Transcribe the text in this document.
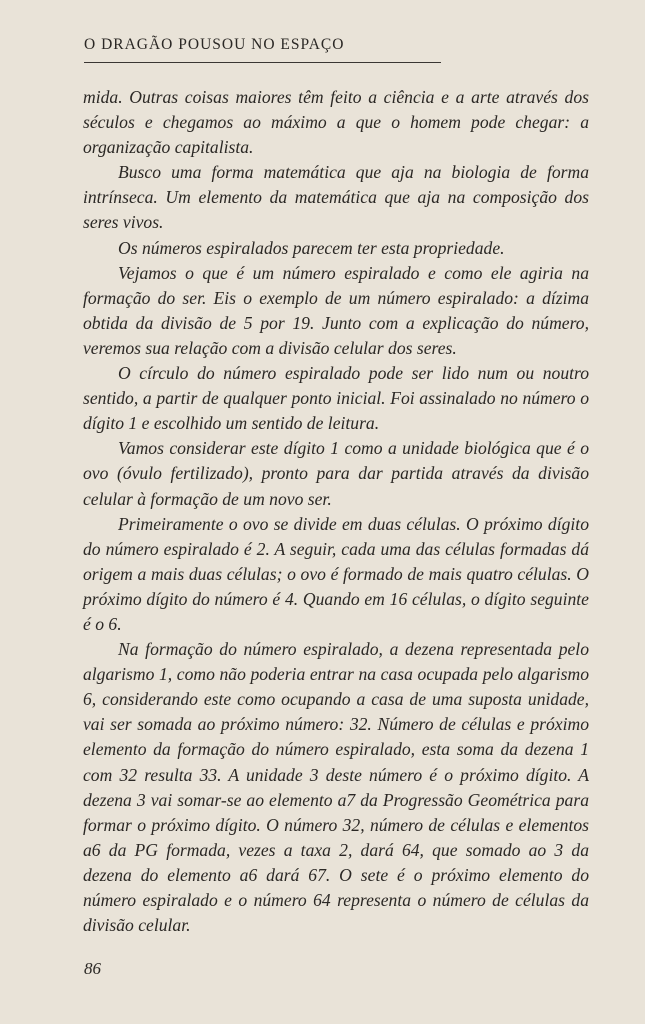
O DRAGÃO POUSOU NO ESPAÇO

mida. Outras coisas maiores têm feito a ciência e a arte através dos séculos e chegamos ao máximo a que o homem pode chegar: a organização capitalista.

Busco uma forma matemática que aja na biologia de forma intrínseca. Um elemento da matemática que aja na composição dos seres vivos.

Os números espiralados parecem ter esta propriedade.

Vejamos o que é um número espiralado e como ele agiria na formação do ser. Eis o exemplo de um número espiralado: a dízima obtida da divisão de 5 por 19. Junto com a explicação do número, veremos sua relação com a divisão celular dos seres.

O círculo do número espiralado pode ser lido num ou noutro sentido, a partir de qualquer ponto inicial. Foi assinalado no número o dígito 1 e escolhido um sentido de leitura.

Vamos considerar este dígito 1 como a unidade biológica que é o ovo (óvulo fertilizado), pronto para dar partida através da divisão celular à formação de um novo ser.

Primeiramente o ovo se divide em duas células. O próximo dígito do número espiralado é 2. A seguir, cada uma das células formadas dá origem a mais duas células; o ovo é formado de mais quatro células. O próximo dígito do número é 4. Quando em 16 células, o dígito seguinte é o 6.

Na formação do número espiralado, a dezena representada pelo algarismo 1, como não poderia entrar na casa ocupada pelo algarismo 6, considerando este como ocupando a casa de uma suposta unidade, vai ser somada ao próximo número: 32. Número de células e próximo elemento da formação do número espiralado, esta soma da dezena 1 com 32 resulta 33. A unidade 3 deste número é o próximo dígito. A dezena 3 vai somar-se ao elemento a7 da Progressão Geométrica para formar o próximo dígito. O número 32, número de células e elementos a6 da PG formada, vezes a taxa 2, dará 64, que somado ao 3 da dezena do elemento a6 dará 67. O sete é o próximo elemento do número espiralado e o número 64 representa o número de células da divisão celular.

86
